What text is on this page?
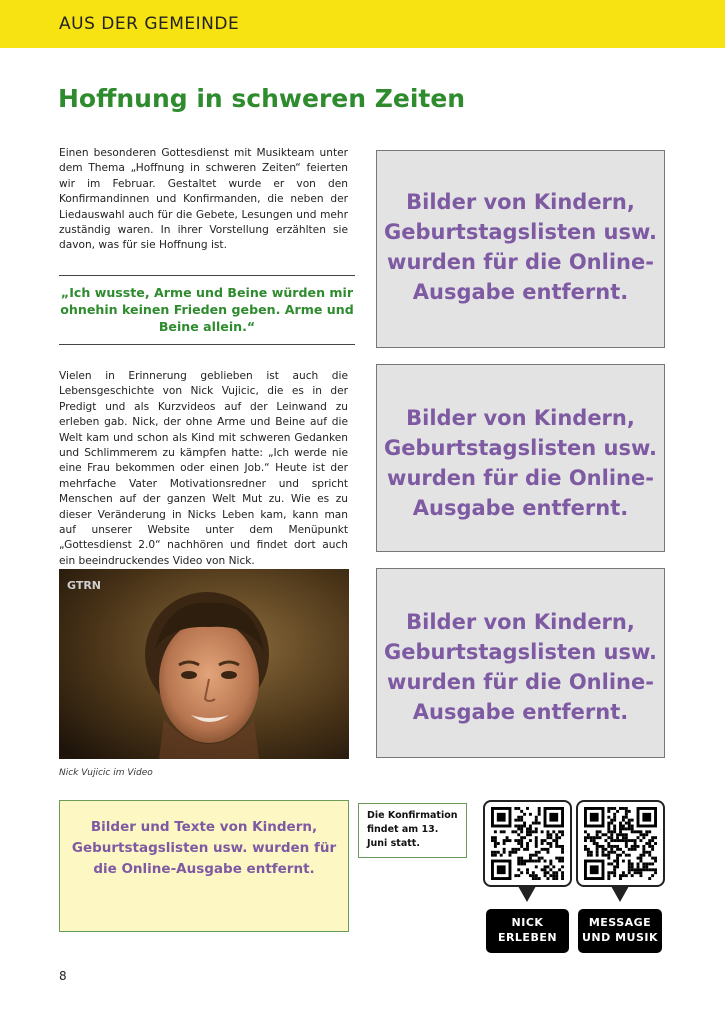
AUS DER GEMEINDE
Hoffnung in schweren Zeiten
Einen besonderen Gottesdienst mit Musikteam unter dem Thema „Hoffnung in schweren Zeiten“ feierten wir im Februar. Gestaltet wurde er von den Konfirmandinnen und Konfirmanden, die neben der Liedauswahl auch für die Gebete, Lesungen und mehr zuständig waren. In ihrer Vorstellung erzählten sie davon, was für sie Hoffnung ist.
„Ich wusste, Arme und Beine würden mir ohnehin keinen Frieden geben. Arme und Beine allein.“
Vielen in Erinnerung geblieben ist auch die Lebensgeschichte von Nick Vujicic, die es in der Predigt und als Kurzvideos auf der Leinwand zu erleben gab. Nick, der ohne Arme und Beine auf die Welt kam und schon als Kind mit schweren Gedanken und Schlimmerem zu kämpfen hatte: „Ich werde nie eine Frau bekommen oder einen Job.“ Heute ist der mehrfache Vater Motivationsredner und spricht Menschen auf der ganzen Welt Mut zu. Wie es zu dieser Veränderung in Nicks Leben kam, kann man auf unserer Website unter dem Menüpunkt „Gottesdienst 2.0“ nachhören und findet dort auch ein beeindruckendes Video von Nick.
GTRN
Nick Vujicic im Video
Bilder von Kindern, Geburtstagslisten usw. wurden für die Online-Ausgabe entfernt.
Bilder von Kindern, Geburtstagslisten usw. wurden für die Online-Ausgabe entfernt.
Bilder von Kindern, Geburtstagslisten usw. wurden für die Online-Ausgabe entfernt.
Bilder und Texte von Kindern, Geburtstagslisten usw. wurden für die Online-Ausgabe entfernt.
Die Konfirmation findet am 13. Juni statt.
NICK
ERLEBEN
MESSAGE
UND MUSIK
8
